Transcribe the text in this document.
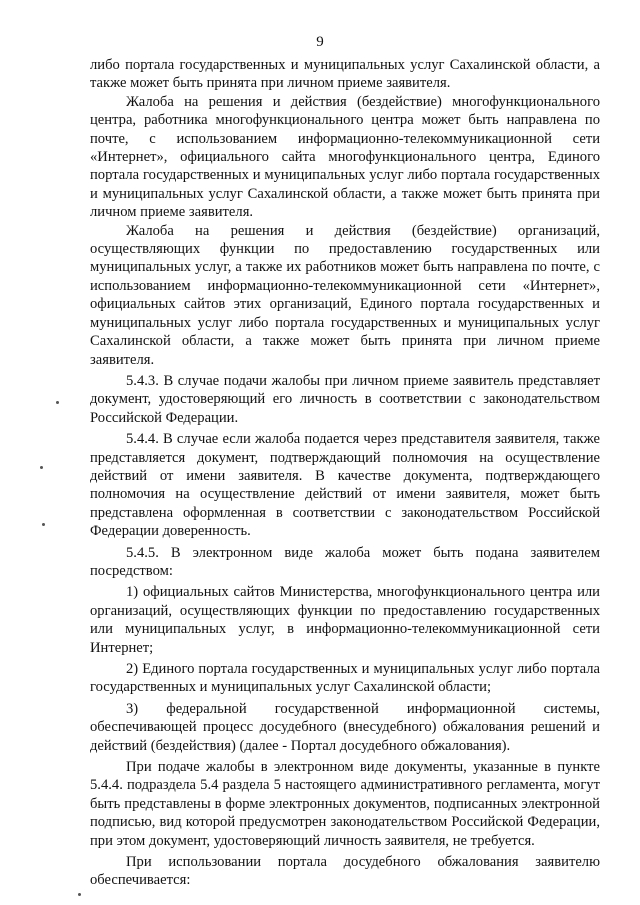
9

либо портала государственных и муниципальных услуг Сахалинской области, а также может быть принята при личном приеме заявителя.

Жалоба на решения и действия (бездействие) многофункционального центра, работника многофункционального центра может быть направлена по почте, с использованием информационно-телекоммуникационной сети «Интернет», официального сайта многофункционального центра, Единого портала государственных и муниципальных услуг либо портала государственных и муниципальных услуг Сахалинской области, а также может быть принята при личном приеме заявителя.

Жалоба на решения и действия (бездействие) организаций, осуществляющих функции по предоставлению государственных или муниципальных услуг, а также их работников может быть направлена по почте, с использованием информационно-телекоммуникационной сети «Интернет», официальных сайтов этих организаций, Единого портала государственных и муниципальных услуг либо портала государственных и муниципальных услуг Сахалинской области, а также может быть принята при личном приеме заявителя.

5.4.3. В случае подачи жалобы при личном приеме заявитель представляет документ, удостоверяющий его личность в соответствии с законодательством Российской Федерации.

5.4.4. В случае если жалоба подается через представителя заявителя, также представляется документ, подтверждающий полномочия на осуществление действий от имени заявителя. В качестве документа, подтверждающего полномочия на осуществление действий от имени заявителя, может быть представлена оформленная в соответствии с законодательством Российской Федерации доверенность.

5.4.5. В электронном виде жалоба может быть подана заявителем посредством:

1) официальных сайтов Министерства, многофункционального центра или организаций, осуществляющих функции по предоставлению государственных или муниципальных услуг, в информационно-телекоммуникационной сети Интернет;

2) Единого портала государственных и муниципальных услуг либо портала государственных и муниципальных услуг Сахалинской области;

3) федеральной государственной информационной системы, обеспечивающей процесс досудебного (внесудебного) обжалования решений и действий (бездействия) (далее - Портал досудебного обжалования).

При подаче жалобы в электронном виде документы, указанные в пункте 5.4.4. подраздела 5.4 раздела 5 настоящего административного регламента, могут быть представлены в форме электронных документов, подписанных электронной подписью, вид которой предусмотрен законодательством Российской Федерации, при этом документ, удостоверяющий личность заявителя, не требуется.

При использовании портала досудебного обжалования заявителю обеспечивается:
